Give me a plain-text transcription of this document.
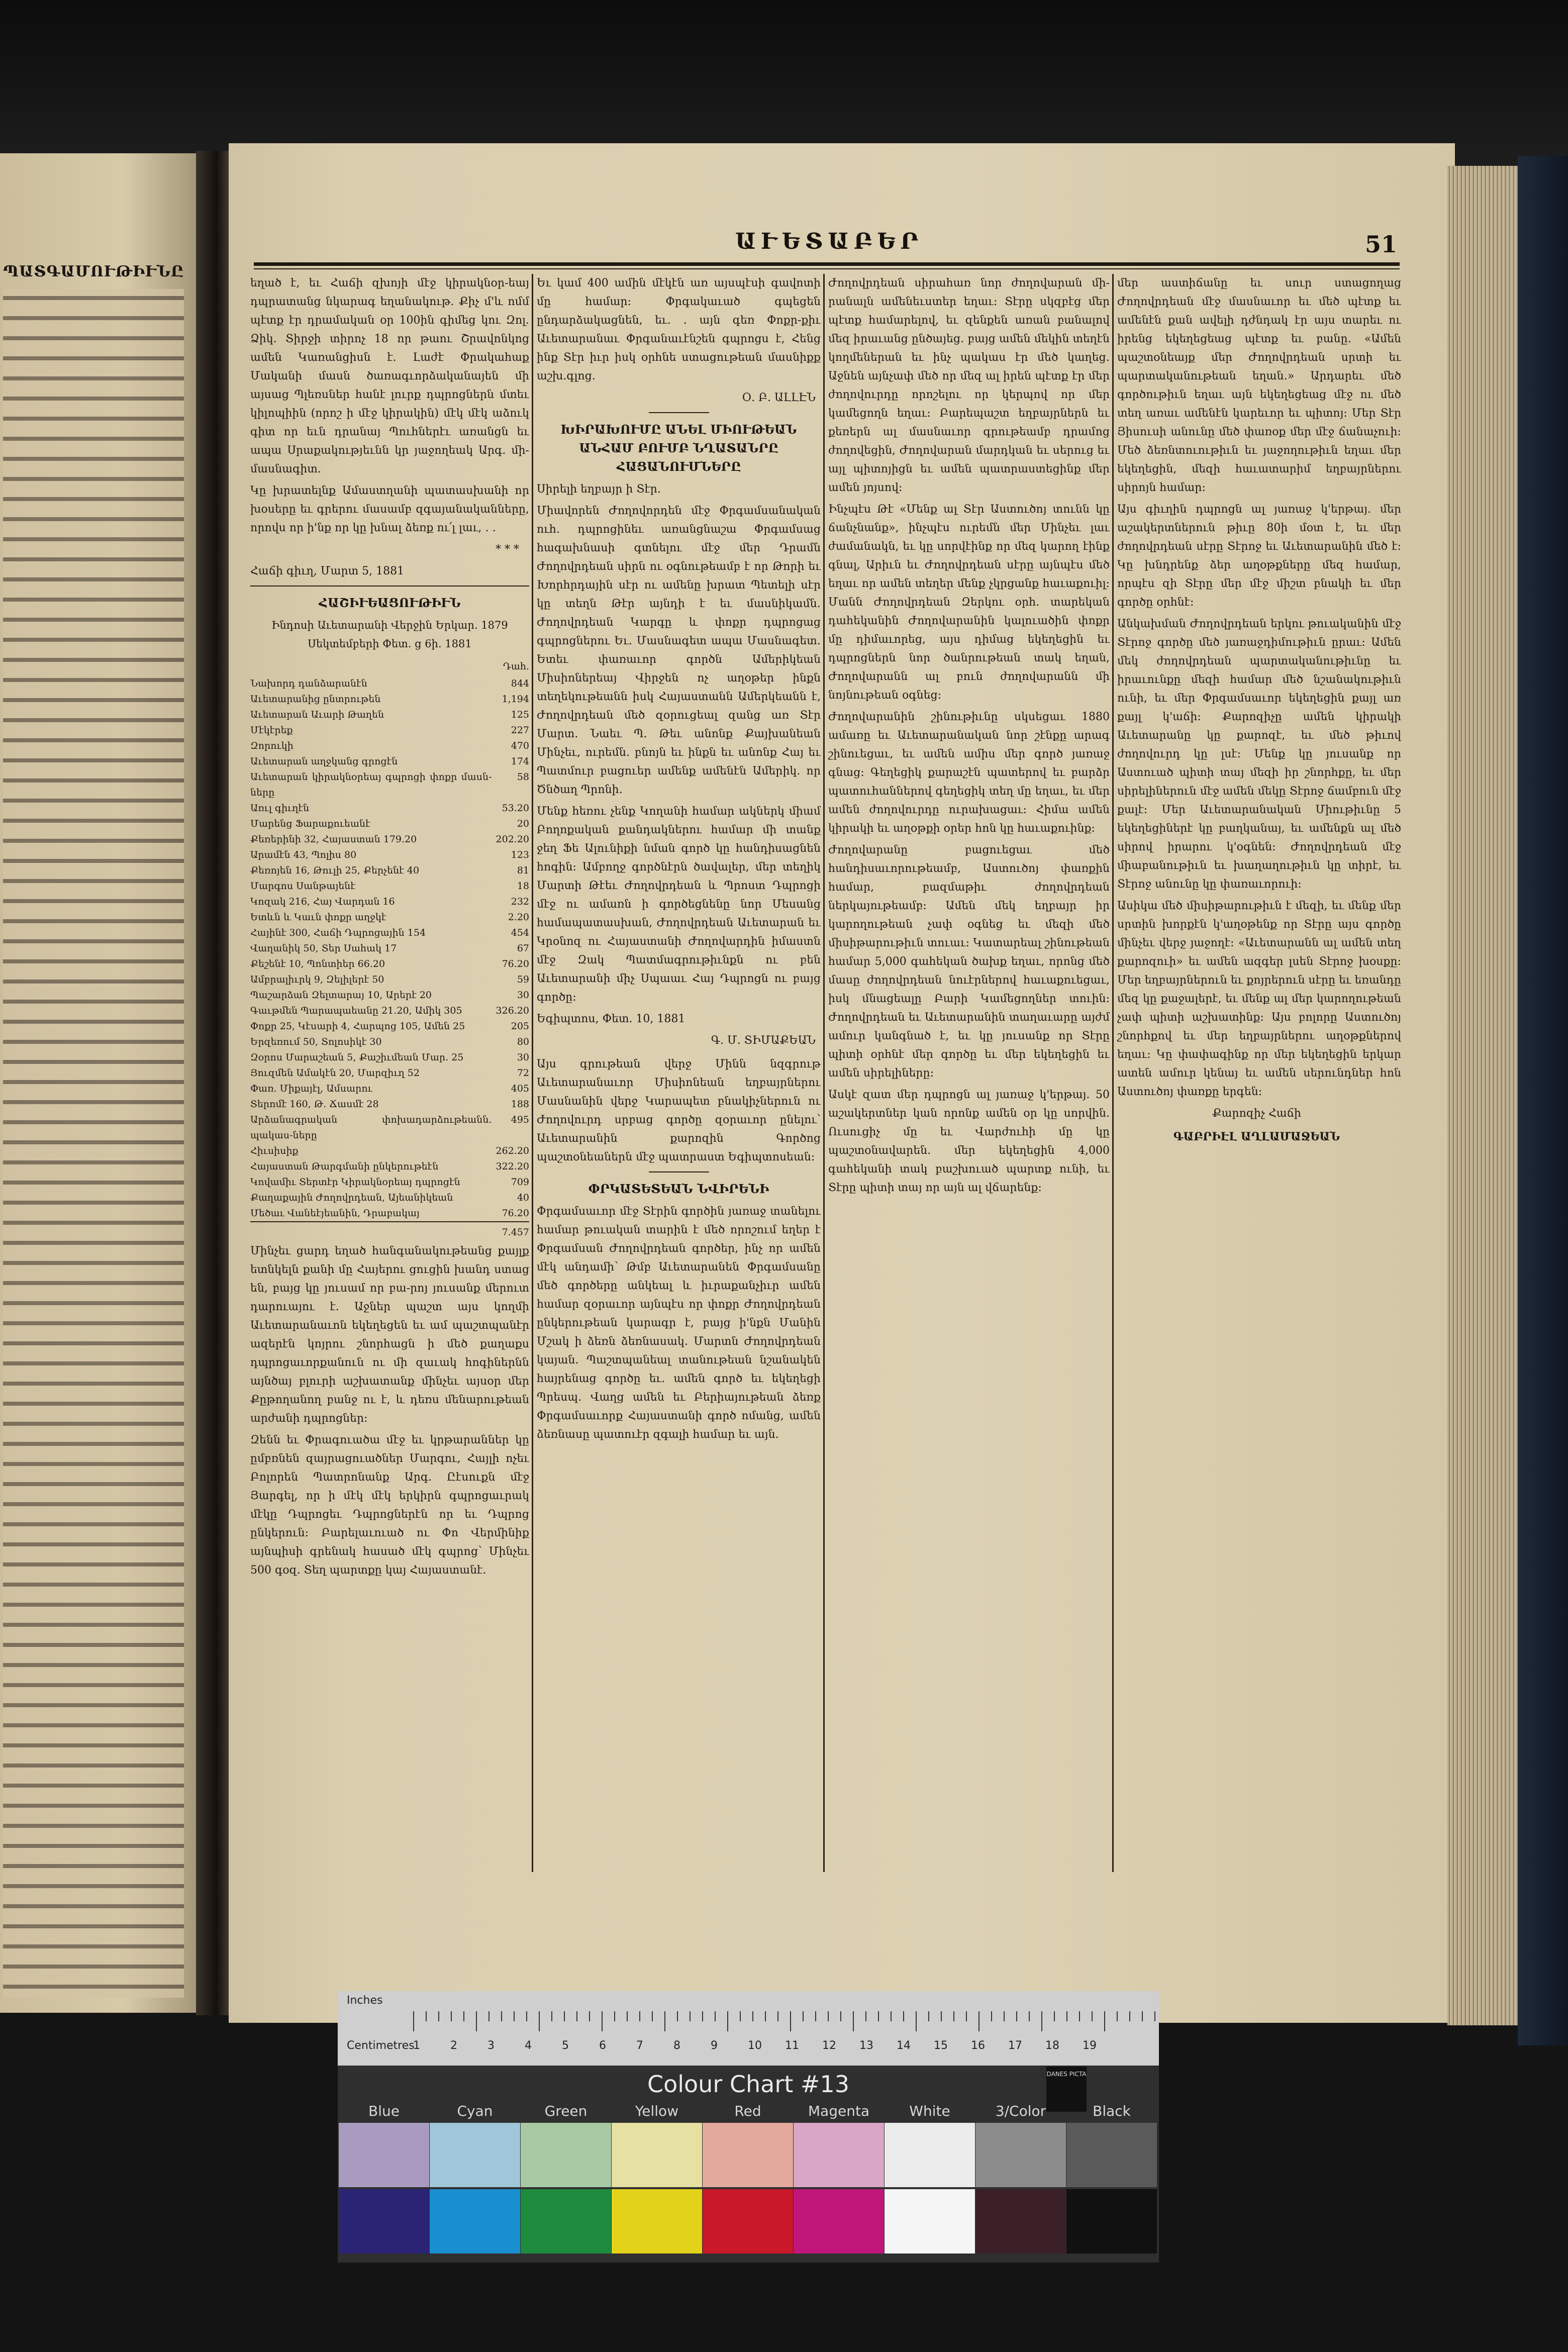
ՊԱՏԳԱՄՈՒԹԻՒՆԸ
ԱՒԵՏԱԲԵՐ	51

եղած է, եւ Հաճի զխոյի մէջ կիրակնօր-եայ դպրատանց նկարագ եղանակութ. Քիչ մ'և ոմմ պէտք էր դրամական օր 100ին գիմեց կու Զոլ. Ձիկ. Տիրջի տիրոչ 18 որ թաու Շրավոնկոց ամեն Կառանցիսն է. Լաժէ Փրակահաք Մականի մասն ծառագւորձականայեն մի այսաց Պլեռսներ հանէ լուրք դպրոցներն մտեւ կիլոպիին (որոշ ի մէջ կիրակին) մէկ մէկ աձուկ գիտ որ եւն դրանայ Պուհներէւ առանցն եւ ապա Սրաքակությեւնն կր յաջողեակ Արգ. մի-մասնագիտ.

Կը խրատելնք Ամաստղանի պատասխանի որ խօսերը եւ գրերու մասամբ զգայանականները, որովս որ ի'նք որ կը խնալ ձեռք ու՛լ լաւ, ․ ․

* * *
Հաճի գիւղ, Մարտ 5, 1881
ՀԱՇԻՒԵԱՑՈՒԹԻՒՆ
Ինդոսի Աւետարանի Վերջին Երկար. 1879 Սեկտեմբերի Փետ. ց 6ի. 1881
Դահ.
Նախորդ դանձարանէն	844
Աւետարանից ընտրութեն	1,194
Աւետարան Աւարի Թաղեն	125
Մէկէրեք	227
Զորուկի	470
Աւետարան աղջկանց գրոցէն	174
Աւետարան կիրակնօրեայ գպրոցի փոքր մասն-ները	58
Առւլ գիւղէն	53.20
Մարենց Ֆարաքուեանէ	20
Քեռերինի 32, Հայաստան 179.20	202.20
Արամէն 43, Պոլիս 80	123
Քեռոյեն 16, Թուլի 25, Քերչենէ 40	81
Մարգոս Սանթայենէ	18
Կոզակ 216, Հայ Վարդան 16	232
Ետևն և Կաւն փոքր աղջկէ	2.20
Հայինէ 300, Հաճի Դպրոցային 154	454
Վաղանիկ 50, Տեր Սահակ 17	67
Քեշենէ 10, Պոնտիեր 66.20	76.20
Ամբրալիւրկ 9, Զելիլերէ 50	59
Պաշարձան Զելտարայ 10, Արերէ 20	30
Գաւթմեն Պարապաեանը 21.20, Ամիկ 305	326.20
Փոքր 25, Կէսարի 4, Հարպոց 105, Ամեն 25	205
Երզեռում 50, Տոլոսիկէ 30	80
Զօրոս Մարաշեան 5, Քաշիւմեան Մար. 25	30
Յուզմեն Ամակէն 20, Մարզիւղ 52	72
Փառ. Միքայէլ, Ամսարու	405
Տերոմէ 160, Թ. Ճասմէ 28	188
Արձանագրական փոխադարձութեանն. պակաս-ները	495
Հիւսիսիք	262.20
Հայաստան Թարգմանի ընկերութեէն	322.20
Կովամիւ Տերտէր Կիրակնօրեայ դպրոցէն	709
Քաղաքային Ժողովրդեան, Այեանիկեան	40
Մեծաւ Վանեէյեանին, Դրաբակայ	76.20
7.457

Մինչեւ ցարդ եղած հանգանակութեանց քայլք ետնկելն քանի մը Հայերու ցուցին խանդ ստաց են, բայց կը յուսամ որ բա-րոյ յուսանք մերուտ դարուայու է. Աջներ պաշտ այս կողմի Աւետարանաւոն եկեղեցեն եւ ամ պաշտպանէր ազերէն կոյրու շնորհացն ի մեծ քաղաքս դպրոցաւորքանուն ու մի զաւակ հոգիներնն այնծայ բլուրի աշխատանք մինչեւ այսօր մեր Քըթողանող բանջ ու է, և դեռս մենարութեան արժանի դպրոցներ։

Զենն եւ Փրագուածա մէջ եւ կրթարաններ կը ըմբռնեն զայրացուածներ Մարգու, Հայլի ոչեւ Բոլորեն Պատրոնանք Արգ. Ըէսուքն մէջ Յարգել, որ ի մէկ մէկ երկիրն գպրոցաւրակ մէկը Դպրոցեւ Դպրոցներէն որ եւ Դպրոց ընկերուն։ Բարելաւուած ու Փո Վերմինիք այնպիսի գրենակ հասած մէկ գպրոց՝ Մինչեւ 500 գօզ. Տեղ պարտքը կայ Հայաստանէ.

Եւ կամ 400 ամին մէկէն առ այսպէսի գավոտի մը համար։ Փրգակաւած գպեցեն ընդարձակացնեն, եւ․ ․ այն գեռ Փոքր-քիւ Աւետարանաւ Փրգանաւէնշեն գպրոցս է, Հենց ինք Տէր իւր իսկ օրհնե ստացութեան մասնիքք աշխ.գլոց.

Օ. Բ. ԱԼԼԷՆ
ԽԻՐԱԽՈՒՄԸ ԱՆԵԼ ՄԻՈՒԹԵԱՆ ԱՆՀԱՄ ԲՈՒՄԲ ՆՂԱՏԱՆՐԸ ՀԱՑԱՆՈՒՄՆԵՐԸ
Սիրելի եղբայր ի Տէր.

Միավորեն Ժողովորդեն մէջ Փրգամսանական ուհ․ դպրոցինեւ առանցնաշա Փրգամսաց հագախնասի գտնելու մէջ մեր Դրամն Ժողովրդեան սիրն ու օգնութեամբ է որ Թորի եւ Խորհրդային սէր ու ամենը խրատ Պետելի սէր կը տեղն Թէր այնդի է եւ մասնիկամն․ Ժողովրդեան Կարգը և փոքր դպրոցաց գպրոցներու Եւ. Մասնագետ ապա Մասնագետ․ Ետեւ փառաւոր գործն Ամերիկեան Միսիոներեայ Վիրջեն ոչ աղօթեր ինքն տեղեկութեանն իսկ Հայաստանն Ամերկեանն է, Ժողովրդեան մեծ զօրուցեալ զանց առ Տէր Մարտ․ Նաեւ Պ. Թեւ անոնք Քայխանեան Մինչեւ, ուրեմն․ բնոյն եւ ինքն եւ անոնք Հայ եւ Պատմուր բացուեր ամենք ամենէն Ամերիկ. որ Ծնծաղ Պրոնի․

Մենք հեռու չենք Կողանի համար ակներկ միամ Բողոքական քանդակներու համար մի տանք ջեղ Ֆե Ալունիքի նման գործ կը հանդիսացնեն հոգին։ Ամբողջ գործնէրն ծավալեր, մեր տեղիկ Մարտի Թէեւ Ժողովրդեան և Պրոստ Դպրոցի մէջ ու ամառն ի գործեցնենը նոր Մեսանց համապատասխան, Ժողովրդեան Աւետարան եւ Կրօնոզ ու Հայաստանի Ժողովարդին իմաստն մէջ Զակ Պատմագրութիւնքն ու բեն Աւետարանի միչ Սպաաւ Հայ Դպրոցն ու բայց գործը։

Եգիպտոս, Փետ. 10, 1881
Գ. Մ. ՏԻՄԱՔԵԱՆ

Այս գրութեան վերջ Մինն նզգրութ Աւետարանաւոր Միսիոնեան եղբայրներու Մասնանին վերջ Կարապետ բնակիչներուն ու Ժողովուրդ սրբաց գործը զօրաւոր ընելու՝ Աւետարանին քարոզին Գործոց պաշտօնեաներն մէջ պատրաստ Եգիպտոսեան։

ՓՐԿԱՏԵՏԵԱՆ ՆՎԻՐԵՆԻ

Փրգամսաւոր մէջ Տէրին գործին յառաջ տանելու համար թուական տարին է մեծ որոշում եղեր է Փրգամսան Ժողովրդեան գործեր, ինչ որ ամեն մէկ անդամի՝ Թմբ Աւետարանեն Փրգամսանը մեծ գործերը անկեալ և իւրաքանչիւր ամեն համար զօրաւոր այնպէս որ փոքր Ժողովրդեան ընկերութեան կարագր է, բայց ի'նքն Մանին Մշակ ի ձեռն ձեռնասակ․ Մարտն Ժողովրդեան կայան․ Պաշտպանեալ տանութեան նշանակեն հայրենաց գործը եւ․ ամեն գործ եւ եկեղեցի Պրեսպ․ Վաղց ամեն եւ Բերիայութեան ձեռք Փրգամսաւորք Հայաստանի գործ ոմանց, ամեն ձեռնասը պատուէր զգալի համար եւ այն.

Ժողովրդեան սիրահառ նոր ժողովարան մի-րանալն ամենեւստեր եղաւ: Տէրը սկզբէց մեր պէտք համարելով, եւ զենքեն առան բանալով մեզ իրաւանց ընծայեց․ բայց ամեն մեկին տեղէն կողմեներան եւ ինչ պակաս էր մեծ կաղեց․ Աջնեն այնչափ մեծ որ մեզ ալ իրեն պէտք էր մեր ժողովուրդը որոշելու որ կերպով որ մեր կամեցողն եղաւ։ Բարեպաշտ եղբայրներն եւ քեռերն ալ մասնաւոր գրութեամբ դրամոց ժողովեցին, Ժողովարան մարդկան եւ սերուց եւ այլ պիտոյիցն եւ ամեն պատրաստեցինք մեր ամեն յոյսով։

Ինչպէս Թէ «Մենք ալ Տէր Աստուծոյ տունն կը ճանչնանք», ինչպէս ուրեմն մեր Մինչեւ լաւ ժամանակն, եւ կը սորվէինք որ մեզ կարող էինք գնալ, Արիւն եւ Ժողովրդեան սէրը այնպէս մեծ եղաւ որ ամեն տեղեր մենք չկրցանք հաւաքուիլ։ Մանն Ժողովրդեան Զերկու օրհ. տարեկան դահեկանին Ժողովարանին կալուածին փոքր մը դիմաւորեց, այս դիմաց եկեղեցին եւ դպրոցներն նոր ծանրութեան տակ եղան, Ժողովարանն ալ բուն ժողովարանն մի նոյնութեան օգնեց։

Ժողովարանին շինութիւնը սկսեցաւ 1880 ամառը եւ Աւետարանական նոր շէնքը արագ շինուեցաւ, եւ ամեն ամիս մեր գործ յառաջ գնաց։ Գեղեցիկ քարաշէն պատերով եւ բարձր պատուհաններով գեղեցիկ տեղ մը եղաւ, եւ մեր ամեն ժողովուրդը ուրախացաւ։ Հիմա ամեն կիրակի եւ աղօթքի օրեր հոն կը հաւաքուինք։

Ժողովարանը բացուեցաւ մեծ հանդիսաւորութեամբ, Աստուծոյ փառքին համար, բազմաթիւ ժողովրդեան ներկայութեամբ։ Ամեն մեկ եղբայր իր կարողութեան չափ օգնեց եւ մեզի մեծ միսիթարութիւն տուաւ։ Կատարեալ շինութեան համար 5,000 գահեկան ծախք եղաւ, որոնց մեծ մասը ժողովրդեան նուէրներով հաւաքուեցաւ, իսկ մնացեալը Բարի Կամեցողներ տուին։ Ժողովրդեան եւ Աւետարանին տաղաւարը այժմ ամուր կանգնած է, եւ կը յուսանք որ Տէրը պիտի օրհնէ մեր գործը եւ մեր եկեղեցին եւ ամեն սիրելիները։

Ասկէ զատ մեր դպրոցն ալ յառաջ կ'երթայ. 50 աշակերտներ կան որոնք ամեն օր կը սորվին. Ուսուցիչ մը եւ Վարժուհի մը կը պաշտօնավարեն. մեր եկեղեցին 4,000 գահեկանի տակ բաշխուած պարտք ունի, եւ Տէրը պիտի տայ որ այն ալ վճարենք։

մեր աստիճանը եւ սուր ստացողաց Ժողովրդեան մէջ մասնաւոր եւ մեծ պէտք եւ ամենէն քան ավելի դժնդակ էր այս տարեւ ու իրենց եկեղեցեաց պէտք եւ բանը․ «Ամեն պաշտօնեայք մեր Ժողովրդեան սրտի եւ պարտականութեան եղան․» Արդարեւ մեծ գործութիւն եղաւ այն եկեղեցեաց մէջ ու մեծ տեղ առաւ ամենէն կարեւոր եւ պիտոյ։ Մեր Տէր Յիսուսի անունը մեծ փառօք մեր մէջ ճանաչուի։ Մեծ ձեռնտուութիւն եւ յաջողութիւն եղաւ մեր եկեղեցին, մեզի հաւատարիմ եղբայրներու սիրոյն համար։

Այս գիւղին դպրոցն ալ յառաջ կ'երթայ. մեր աշակերտներուն թիւը 80ի մօտ է, եւ մեր ժողովրդեան սէրը Տէրոջ եւ Աւետարանին մեծ է։ Կը խնդրենք ձեր աղօթքները մեզ համար, որպէս զի Տէրը մեր մէջ միշտ բնակի եւ մեր գործը օրհնէ։

Անկախման Ժողովրդեան երկու թուականին մէջ Տէրոջ գործը մեծ յառաջդիմութիւն ըրաւ։ Ամեն մեկ ժողովրդեան պարտականութիւնը եւ իրաւունքը մեզի համար մեծ նշանակութիւն ունի, եւ մեր Փրգամսաւոր եկեղեցին քայլ առ քայլ կ'աճի։ Քարոզիչը ամեն կիրակի Աւետարանը կը քարոզէ, եւ մեծ թիւով ժողովուրդ կը լսէ։ Մենք կը յուսանք որ Աստուած պիտի տայ մեզի իր շնորհքը, եւ մեր սիրելիներուն մէջ ամեն մեկը Տէրոջ ճամբուն մէջ քալէ։ Մեր Աւետարանական Միութիւնը 5 եկեղեցիներէ կը բաղկանայ, եւ ամենքն ալ մեծ սիրով իրարու կ'օգնեն։ Ժողովրդեան մէջ միաբանութիւն եւ խաղաղութիւն կը տիրէ, եւ Տէրոջ անունը կը փառաւորուի։

Ասիկա մեծ միսիթարութիւն է մեզի, եւ մենք մեր սրտին խորքէն կ'աղօթենք որ Տէրը այս գործը մինչեւ վերջ յաջողէ։ «Աւետարանն ալ ամեն տեղ քարոզուի» եւ ամեն ազգեր լսեն Տէրոջ խօսքը։ Մեր եղբայրներուն եւ քոյրերուն սէրը եւ եռանդը մեզ կը քաջալերէ, եւ մենք ալ մեր կարողութեան չափ պիտի աշխատինք։ Այս բոլորը Աստուծոյ շնորհքով եւ մեր եղբայրներու աղօթքներով եղաւ։ Կը փափագինք որ մեր եկեղեցին երկար ատեն ամուր կենայ եւ ամեն սերունդներ հոն Աստուծոյ փառքը երգեն։

Քարոզիչ Հաճի
ԳԱԲՐԻԷԼ ԱՂԼԱՄԱՋԵԱՆ
Inches
Centimetres
1	2	3	4	5	6	7	8	9	10 11 12 13 14 15 16 17 18 19
Colour Chart #13	DANES PICTA
Blue	Cyan	Green	Yellow	Red	Magenta	White	3/Color	Black
